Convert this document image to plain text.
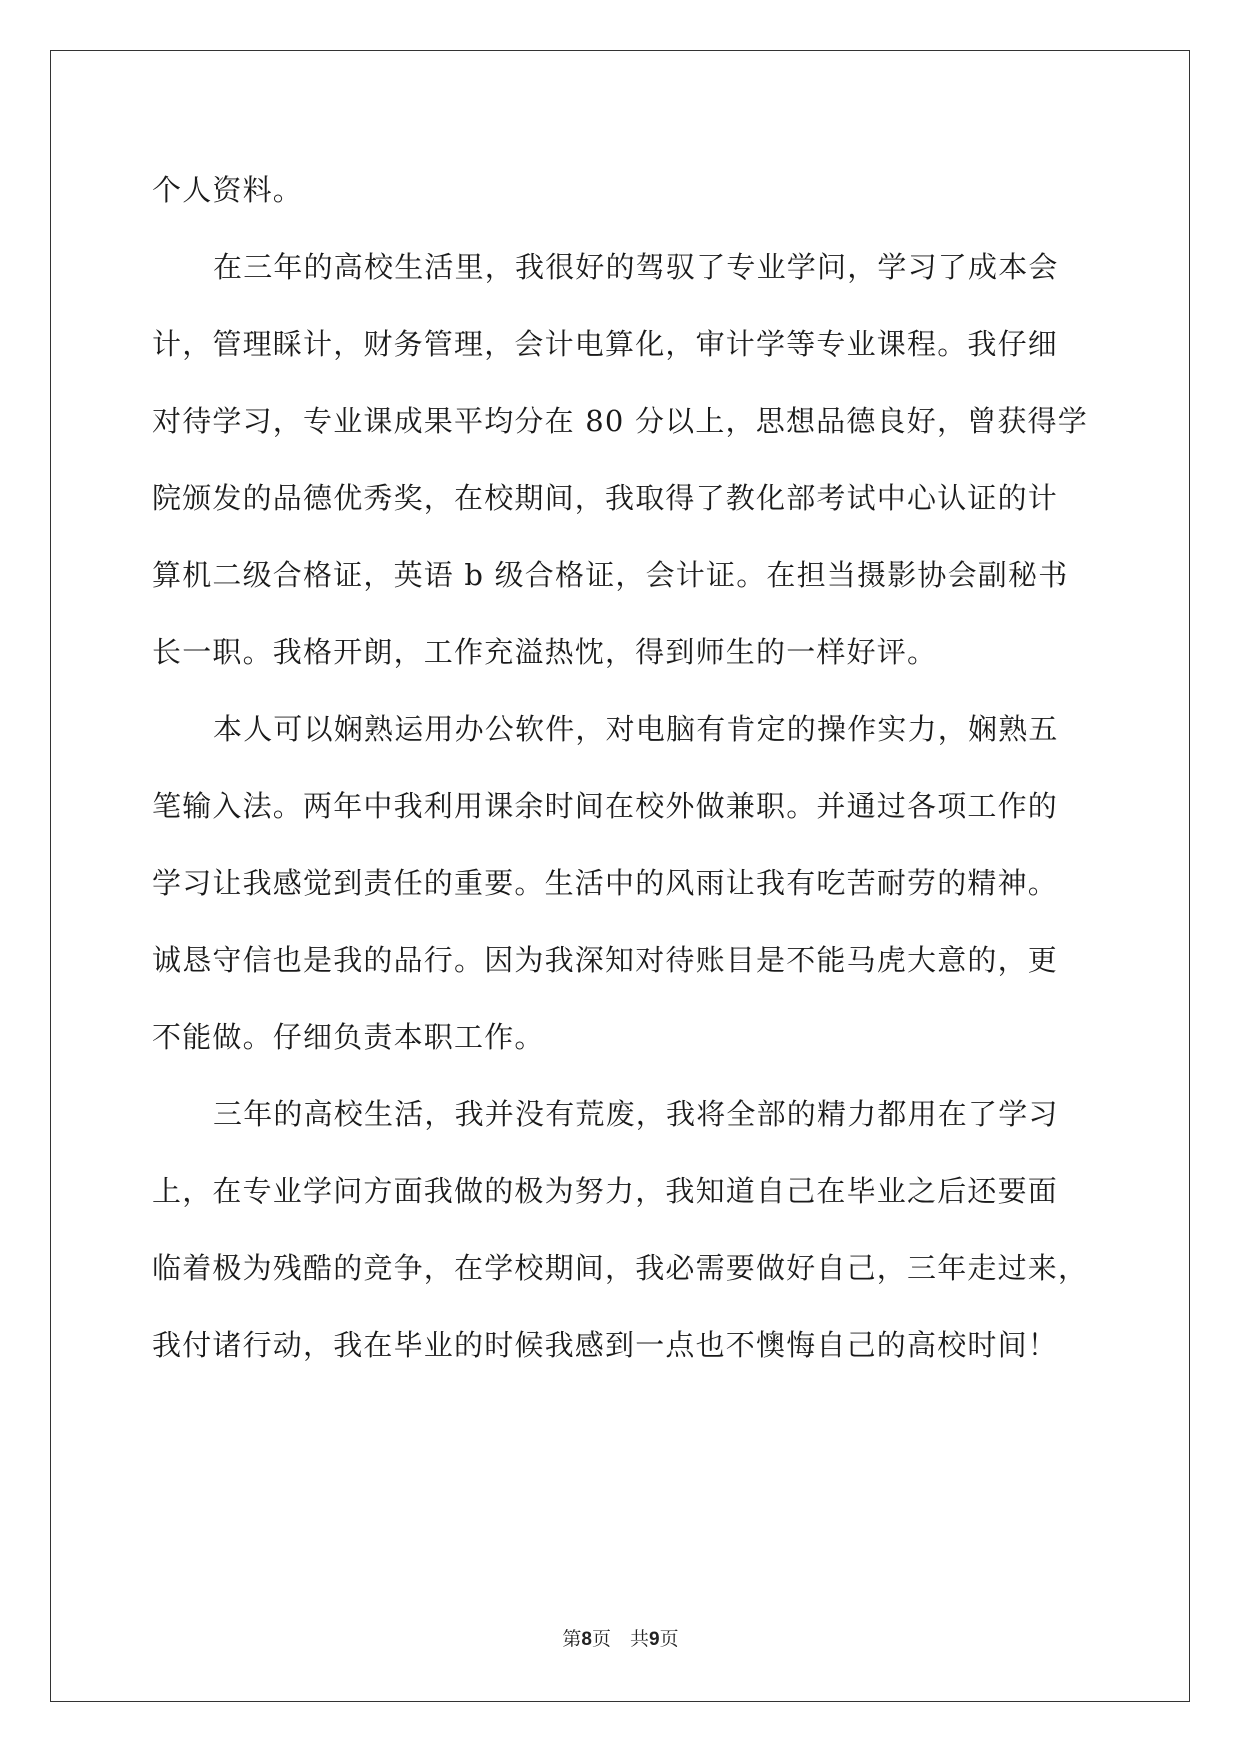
个人资料。
在三年的高校生活里，我很好的驾驭了专业学问，学习了成本会
计，管理睬计，财务管理，会计电算化，审计学等专业课程。我仔细
对待学习，专业课成果平均分在 80 分以上，思想品德良好，曾获得学
院颁发的品德优秀奖，在校期间，我取得了教化部考试中心认证的计
算机二级合格证，英语 b 级合格证，会计证。在担当摄影协会副秘书
长一职。我格开朗，工作充溢热忱，得到师生的一样好评。
本人可以娴熟运用办公软件，对电脑有肯定的操作实力，娴熟五
笔输入法。两年中我利用课余时间在校外做兼职。并通过各项工作的
学习让我感觉到责任的重要。生活中的风雨让我有吃苦耐劳的精神。
诚恳守信也是我的品行。因为我深知对待账目是不能马虎大意的，更
不能做。仔细负责本职工作。
三年的高校生活，我并没有荒废，我将全部的精力都用在了学习
上，在专业学问方面我做的极为努力，我知道自己在毕业之后还要面
临着极为残酷的竞争，在学校期间，我必需要做好自己，三年走过来，
我付诸行动，我在毕业的时候我感到一点也不懊悔自己的高校时间！
第8页　共9页
